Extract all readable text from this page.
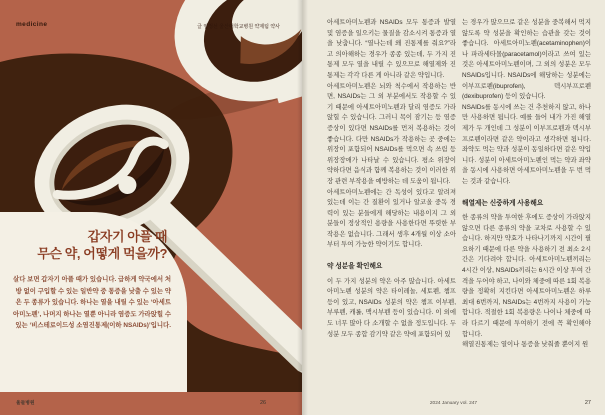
medicine	글 염정선 울산대학교병원 약제팀 약사
갑자기 아플 때
무슨 약, 어떻게 먹을까?
살다 보면 갑자기 아플 때가 있습니다. 급하게 약국에서 처방 없이 구입할 수 있는 일반약 중 통증을 낮출 수 있는 약은 두 종류가 있습니다. 하나는 열을 내릴 수 있는 ‘아세트아미노펜’, 나머지 하나는 열뿐 아니라 염증도 가라앉힐 수 있는 ‘비스테로이드성 소염진통제(이하 NSAIDs)’입니다.
울들병원	26

아세트아미노펜과 NSAIDs 모두 통증과 발열 및 염증을 일으키는 물질을 감소시켜 통증과 열을 낮춥니다. “열나는데 왜 진통제를 줘요?”라고 의아해하는 경우가 종종 있는데, 두 가지 진통제 모두 열을 내릴 수 있으므로 해열제와 진통제는 각각 다른 게 아니라 같은 약입니다.

아세트아미노펜은 뇌와 척수에서 작용하는 반면, NSAIDs는 그 외 부분에서도 작용할 수 있기 때문에 아세트아미노펜과 달리 염증도 가라앉힐 수 있습니다. 그러니 목이 잠기는 등 염증 증상이 있다면 NSAIDs를 먼저 복용하는 것이 좋습니다. 다만 NSAIDs가 작용하는 곳 중에는 위장이 포함되어 NSAIDs를 먹으면 속 쓰림 등 위장장애가 나타날 수 있습니다. 평소 위장이 약하다면 음식과 함께 복용하는 것이 이러한 위장 관련 부작용을 예방하는 데 도움이 됩니다.

아세트아미노펜에는 간 독성이 있다고 알려져 있는데 이는 간 질환이 있거나 알코올 중독 경력이 있는 분들에게 해당하는 내용이지 그 외 분들이 정상적인 용량을 사용한다면 뚜렷한 부작용은 없습니다. 그래서 생후 4개월 이상 소아부터 투여 가능한 약이기도 합니다.

약 성분을 확인해요

이 두 가지 성분의 약은 아주 많습니다. 아세트아미노펜 성분의 약은 타이레놀, 세토펜, 챔프 등이 있고, NSAIDs 성분의 약은 챔프 이부펜, 부루펜, 캐롤, 맥시부펜 등이 있습니다. 이 외에도 너무 많아 다 소개할 수 없을 정도입니다. 두 성분 모두 종합 감기약 같은 약에 포함되어 있

는 경우가 많으므로 같은 성분을 중복해서 먹지 않도록 약 성분을 확인하는 습관을 갖는 것이 좋습니다. 아세트아미노펜(acetaminophen)이나 파라세타몰(paracetamol)이라고 쓰여 있는 것은 아세트아미노펜이며, 그 외의 성분은 모두 NSAIDs입니다. NSAIDs에 해당하는 성분에는 이부프로펜(ibuprofen), 덱시부프로펜(dexibuprofen) 등이 있습니다.

NSAIDs를 동시에 쓰는 건 추천하지 않고, 하나만 사용하면 됩니다. 예를 들어 내가 가진 해열제가 두 개인데 그 성분이 이부프로펜과 덱시부프로펜이라면 같은 약이라고 생각하면 됩니다. 좌약도 먹는 약과 성분이 동일하다면 같은 약입니다. 성분이 아세트아미노펜인 먹는 약과 좌약을 동시에 사용하면 아세트아미노펜을 두 번 먹는 것과 같습니다.

해열제는 신중하게 사용해요

한 종류의 약을 투여한 후에도 증상이 가라앉지 않으면 다른 종류의 약을 교차로 사용할 수 있습니다. 하지만 약효가 나타나기까지 시간이 필요하기 때문에 다른 약을 사용하기 전 최소 2시간은 기다려야 합니다. 아세트아미노펜끼리는 4시간 이상, NSAIDs끼리는 6시간 이상 투여 간격을 두어야 하고, 나이와 체중에 따른 1회 복용량을 정확히 지킨다면 아세트아미노펜은 하루 최대 6번까지, NSAIDs는 4번까지 사용이 가능합니다. 적절한 1회 복용량은 나이나 체중에 따라 다르기 때문에 투여하기 전에 꼭 확인해야 합니다.

해열진통제는 열이나 통증을 낮춰줄 뿐이지 원

2024 January vol. 247	27
